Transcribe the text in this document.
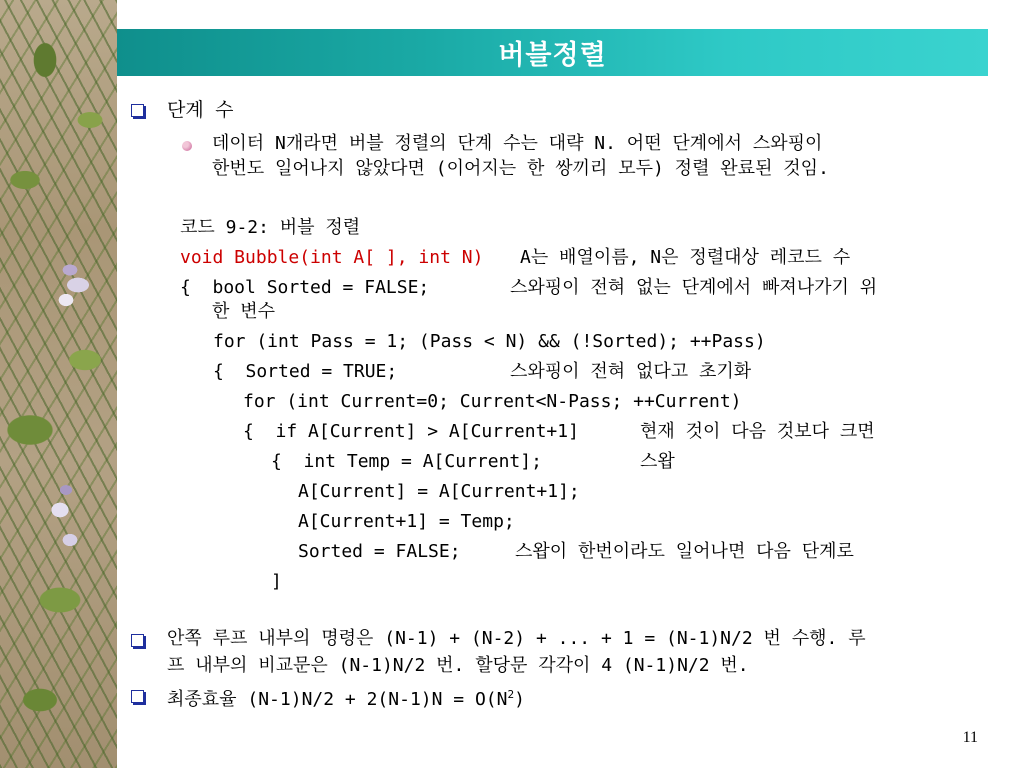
버블정렬
단계 수
데이터 N개라면 버블 정렬의 단계 수는 대략 N. 어떤 단계에서 스와핑이
한번도 일어나지 않았다면 (이어지는 한 쌍끼리 모두) 정렬 완료된 것임.
코드 9-2: 버블 정렬
void Bubble(int A[ ], int N) A는 배열이름, N은 정렬대상 레코드 수
{  bool Sorted = FALSE;	스와핑이 전혀 없는 단계에서 빠져나가기 위
한 변수
for (int Pass = 1; (Pass < N) && (!Sorted); ++Pass)
{  Sorted = TRUE;	스와핑이 전혀 없다고 초기화
for (int Current=0; Current<N-Pass; ++Current)
{  if A[Current] > A[Current+1]	현재 것이 다음 것보다 크면
{  int Temp = A[Current];	스왑
A[Current] = A[Current+1];
A[Current+1] = Temp;
Sorted = FALSE;	스왑이 한번이라도 일어나면 다음 단계로
]
안쪽 루프 내부의 명령은 (N-1) + (N-2) + ... + 1 = (N-1)N/2 번 수행. 루
프 내부의 비교문은 (N-1)N/2 번. 할당문 각각이 4 (N-1)N/2 번.
최종효율 $(N-1)N/2 + 2(N-1)N = O(N^2)$
11
